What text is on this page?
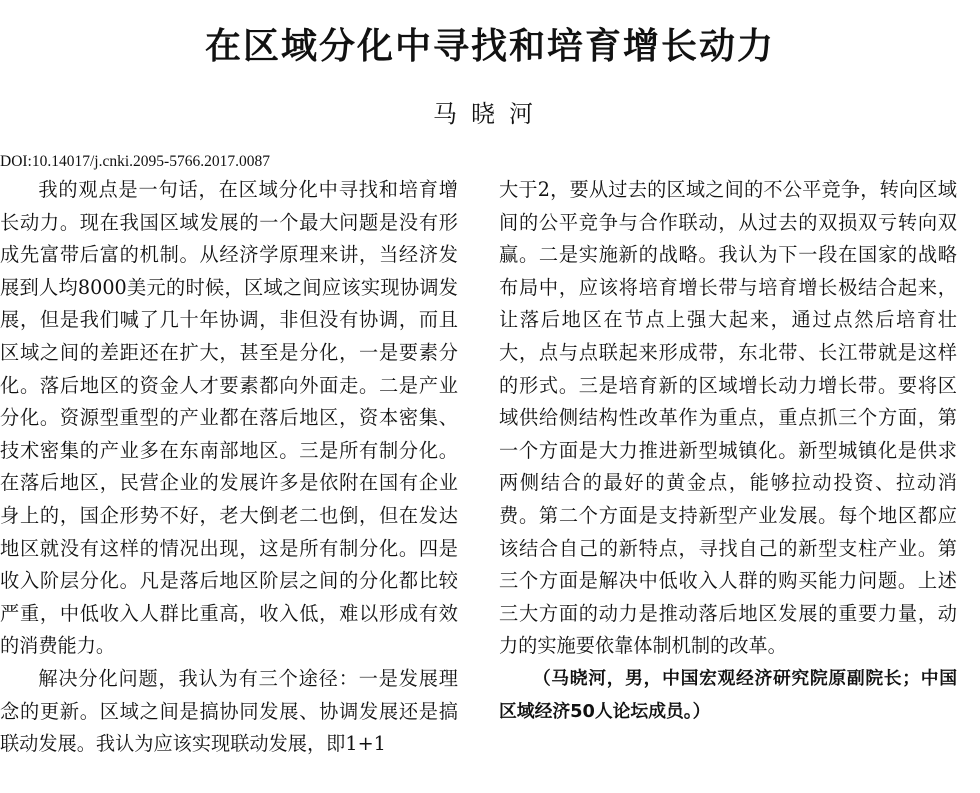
在区域分化中寻找和培育增长动力
马晓河
DOI:10.14017/j.cnki.2095-5766.2017.0087

我的观点是一句话，在区域分化中寻找和培育增长动力。现在我国区域发展的一个最大问题是没有形成先富带后富的机制。从经济学原理来讲，当经济发展到人均8000美元的时候，区域之间应该实现协调发展，但是我们喊了几十年协调，非但没有协调，而且区域之间的差距还在扩大，甚至是分化，一是要素分化。落后地区的资金人才要素都向外面走。二是产业分化。资源型重型的产业都在落后地区，资本密集、技术密集的产业多在东南部地区。三是所有制分化。在落后地区，民营企业的发展许多是依附在国有企业身上的，国企形势不好，老大倒老二也倒，但在发达地区就没有这样的情况出现，这是所有制分化。四是收入阶层分化。凡是落后地区阶层之间的分化都比较严重，中低收入人群比重高，收入低，难以形成有效的消费能力。

解决分化问题，我认为有三个途径：一是发展理念的更新。区域之间是搞协同发展、协调发展还是搞联动发展。我认为应该实现联动发展，即1+1

大于2，要从过去的区域之间的不公平竞争，转向区域间的公平竞争与合作联动，从过去的双损双亏转向双赢。二是实施新的战略。我认为下一段在国家的战略布局中，应该将培育增长带与培育增长极结合起来，让落后地区在节点上强大起来，通过点然后培育壮大，点与点联起来形成带，东北带、长江带就是这样的形式。三是培育新的区域增长动力增长带。要将区域供给侧结构性改革作为重点，重点抓三个方面，第一个方面是大力推进新型城镇化。新型城镇化是供求两侧结合的最好的黄金点，能够拉动投资、拉动消费。第二个方面是支持新型产业发展。每个地区都应该结合自己的新特点，寻找自己的新型支柱产业。第三个方面是解决中低收入人群的购买能力问题。上述三大方面的动力是推动落后地区发展的重要力量，动力的实施要依靠体制机制的改革。

（马晓河，男，中国宏观经济研究院原副院长；中国区域经济50人论坛成员。）
